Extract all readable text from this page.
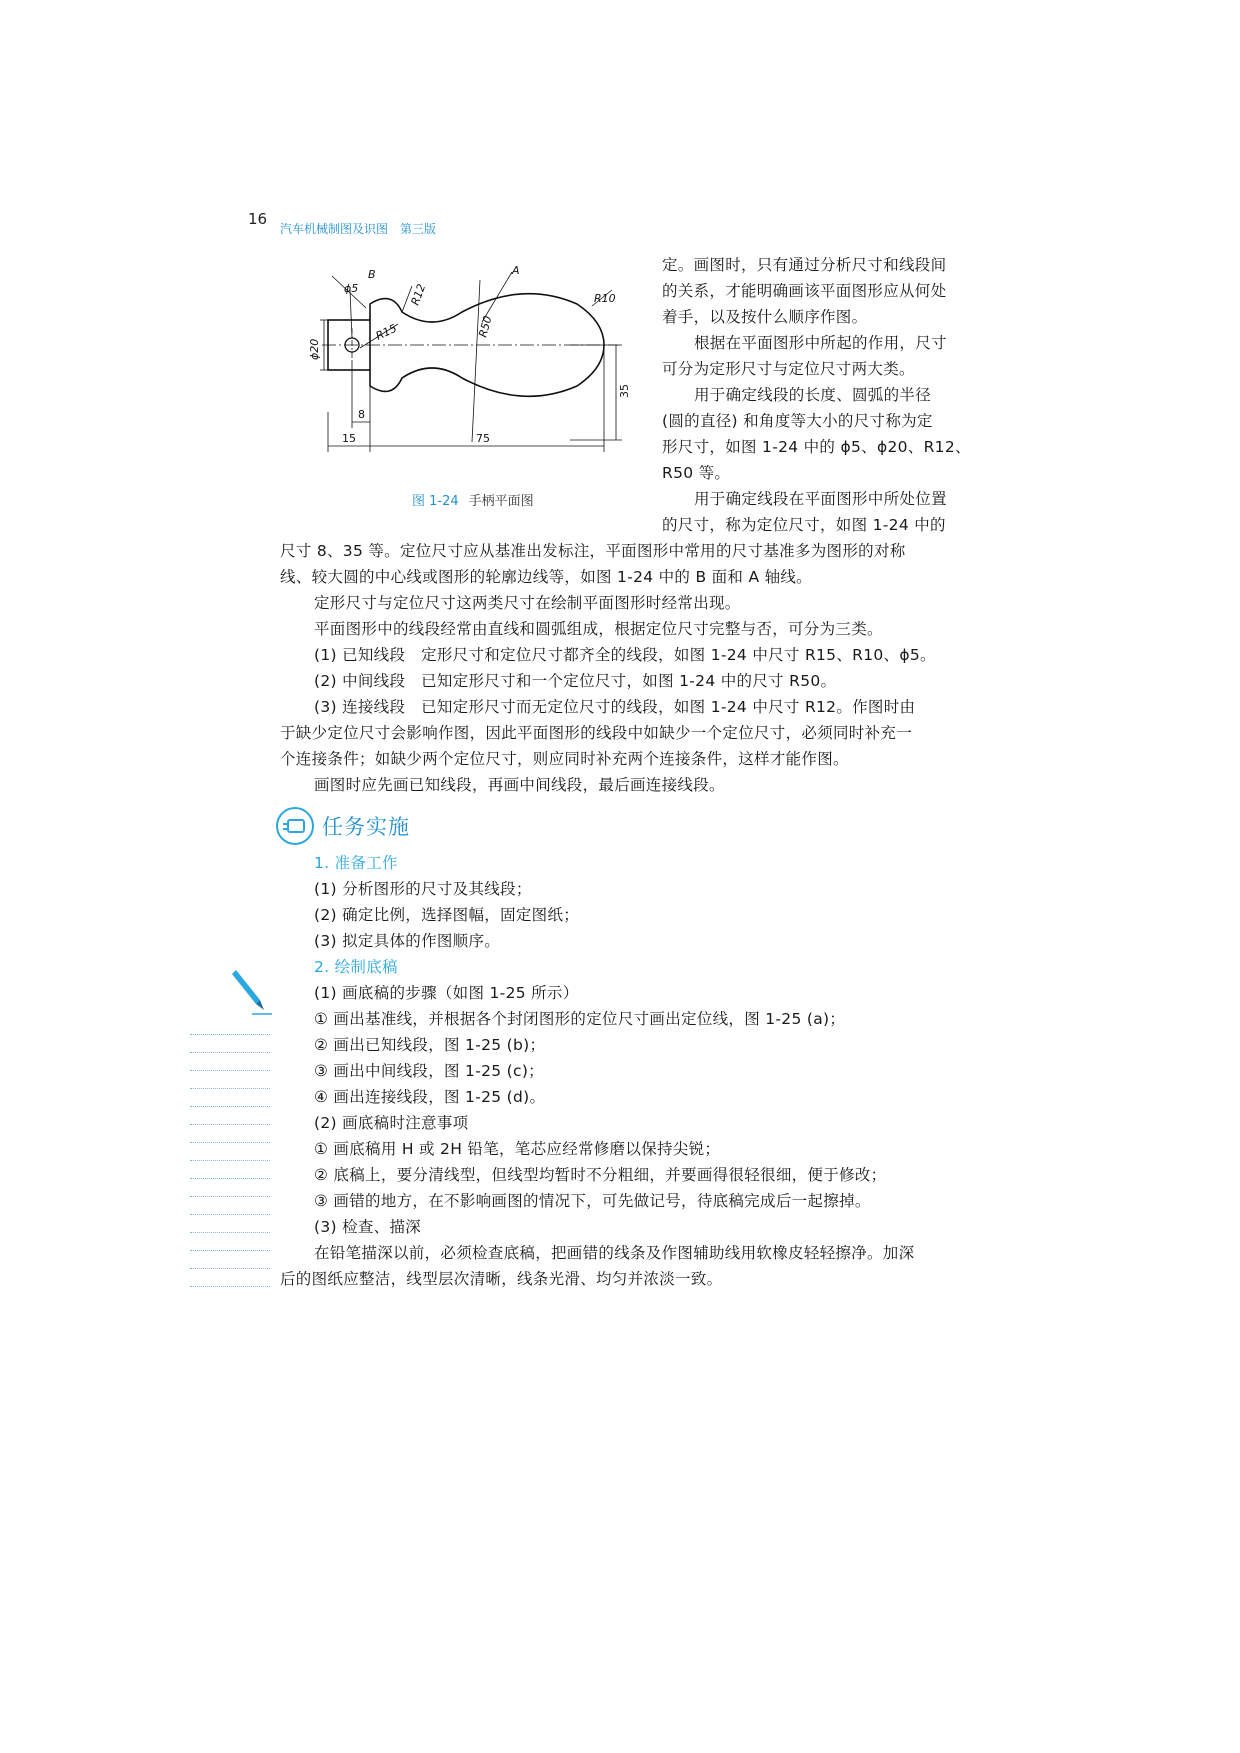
16
汽车机械制图及识图　第三版
B	A
ϕ5	R12	R10
R15	R50
ϕ20
8
35
15	75
图 1-24 手柄平面图
定。画图时，只有通过分析尺寸和线段间
的关系，才能明确画该平面图形应从何处
着手，以及按什么顺序作图。
根据在平面图形中所起的作用，尺寸
可分为定形尺寸与定位尺寸两大类。
用于确定线段的长度、圆弧的半径
(圆的直径) 和角度等大小的尺寸称为定
形尺寸，如图 1-24 中的 ϕ5、ϕ20、R12、
R50 等。
用于确定线段在平面图形中所处位置
的尺寸，称为定位尺寸，如图 1-24 中的
尺寸 8、35 等。定位尺寸应从基准出发标注，平面图形中常用的尺寸基准多为图形的对称
线、较大圆的中心线或图形的轮廓边线等，如图 1-24 中的 B 面和 A 轴线。
定形尺寸与定位尺寸这两类尺寸在绘制平面图形时经常出现。
平面图形中的线段经常由直线和圆弧组成，根据定位尺寸完整与否，可分为三类。
(1) 已知线段　定形尺寸和定位尺寸都齐全的线段，如图 1-24 中尺寸 R15、R10、ϕ5。
(2) 中间线段　已知定形尺寸和一个定位尺寸，如图 1-24 中的尺寸 R50。
(3) 连接线段　已知定形尺寸而无定位尺寸的线段，如图 1-24 中尺寸 R12。作图时由
于缺少定位尺寸会影响作图，因此平面图形的线段中如缺少一个定位尺寸，必须同时补充一
个连接条件；如缺少两个定位尺寸，则应同时补充两个连接条件，这样才能作图。
画图时应先画已知线段，再画中间线段，最后画连接线段。
任务实施
1. 准备工作
(1) 分析图形的尺寸及其线段；
(2) 确定比例，选择图幅，固定图纸；
(3) 拟定具体的作图顺序。
2. 绘制底稿
(1) 画底稿的步骤（如图 1-25 所示）
① 画出基准线，并根据各个封闭图形的定位尺寸画出定位线，图 1-25 (a)；
② 画出已知线段，图 1-25 (b)；
③ 画出中间线段，图 1-25 (c)；
④ 画出连接线段，图 1-25 (d)。
(2) 画底稿时注意事项
① 画底稿用 H 或 2H 铅笔，笔芯应经常修磨以保持尖锐；
② 底稿上，要分清线型，但线型均暂时不分粗细，并要画得很轻很细，便于修改；
③ 画错的地方，在不影响画图的情况下，可先做记号，待底稿完成后一起擦掉。
(3) 检查、描深
在铅笔描深以前，必须检查底稿，把画错的线条及作图辅助线用软橡皮轻轻擦净。加深
后的图纸应整洁，线型层次清晰，线条光滑、均匀并浓淡一致。
